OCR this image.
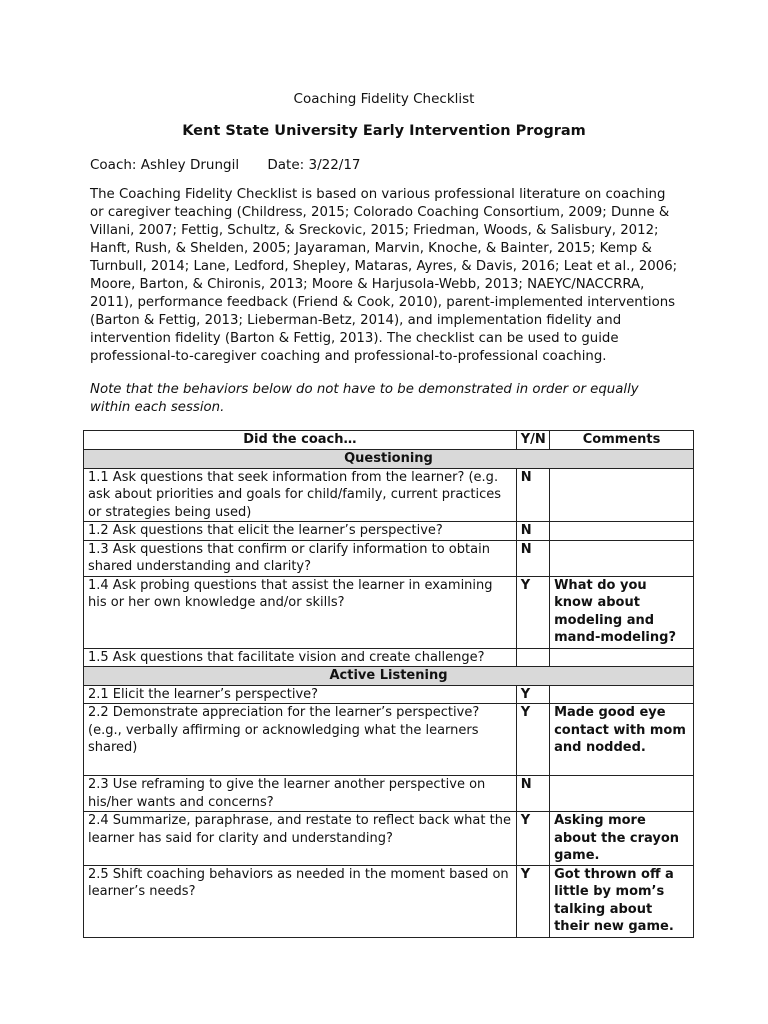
Coaching Fidelity Checklist
Kent State University Early Intervention Program
Coach: Ashley Drungil Date: 3/22/17
The Coaching Fidelity Checklist is based on various professional literature on coaching or caregiver teaching (Childress, 2015; Colorado Coaching Consortium, 2009; Dunne & Villani, 2007; Fettig, Schultz, & Sreckovic, 2015; Friedman, Woods, & Salisbury, 2012; Hanft, Rush, & Shelden, 2005; Jayaraman, Marvin, Knoche, & Bainter, 2015; Kemp & Turnbull, 2014; Lane, Ledford, Shepley, Mataras, Ayres, & Davis, 2016; Leat et al., 2006; Moore, Barton, & Chironis, 2013; Moore & Harjusola-Webb, 2013; NAEYC/NACCRRA, 2011), performance feedback (Friend & Cook, 2010), parent-implemented interventions (Barton & Fettig, 2013; Lieberman-Betz, 2014), and implementation fidelity and intervention fidelity (Barton & Fettig, 2013). The checklist can be used to guide professional-to-caregiver coaching and professional-to-professional coaching.
Note that the behaviors below do not have to be demonstrated in order or equally within each session.
Did the coach…	Y/N	Comments
Questioning		
1.1 Ask questions that seek information from the learner? (e.g. ask about priorities and goals for child/family, current practices or strategies being used)	N	
1.2 Ask questions that elicit the learner’s perspective?	N	
1.3 Ask questions that confirm or clarify information to obtain shared understanding and clarity?	N	
1.4 Ask probing questions that assist the learner in examining his or her own knowledge and/or skills?	Y	What do you know about modeling and mand-modeling?
1.5 Ask questions that facilitate vision and create challenge?		
Active Listening		
2.1 Elicit the learner’s perspective?	Y	
2.2 Demonstrate appreciation for the learner’s perspective? (e.g., verbally affirming or acknowledging what the learners shared)	Y	Made good eye contact with mom and nodded.
2.3 Use reframing to give the learner another perspective on his/her wants and concerns?	N	
2.4 Summarize, paraphrase, and restate to reflect back what the learner has said for clarity and understanding?	Y	Asking more about the crayon game.
2.5 Shift coaching behaviors as needed in the moment based on learner’s needs?	Y	Got thrown off a little by mom’s talking about their new game.
